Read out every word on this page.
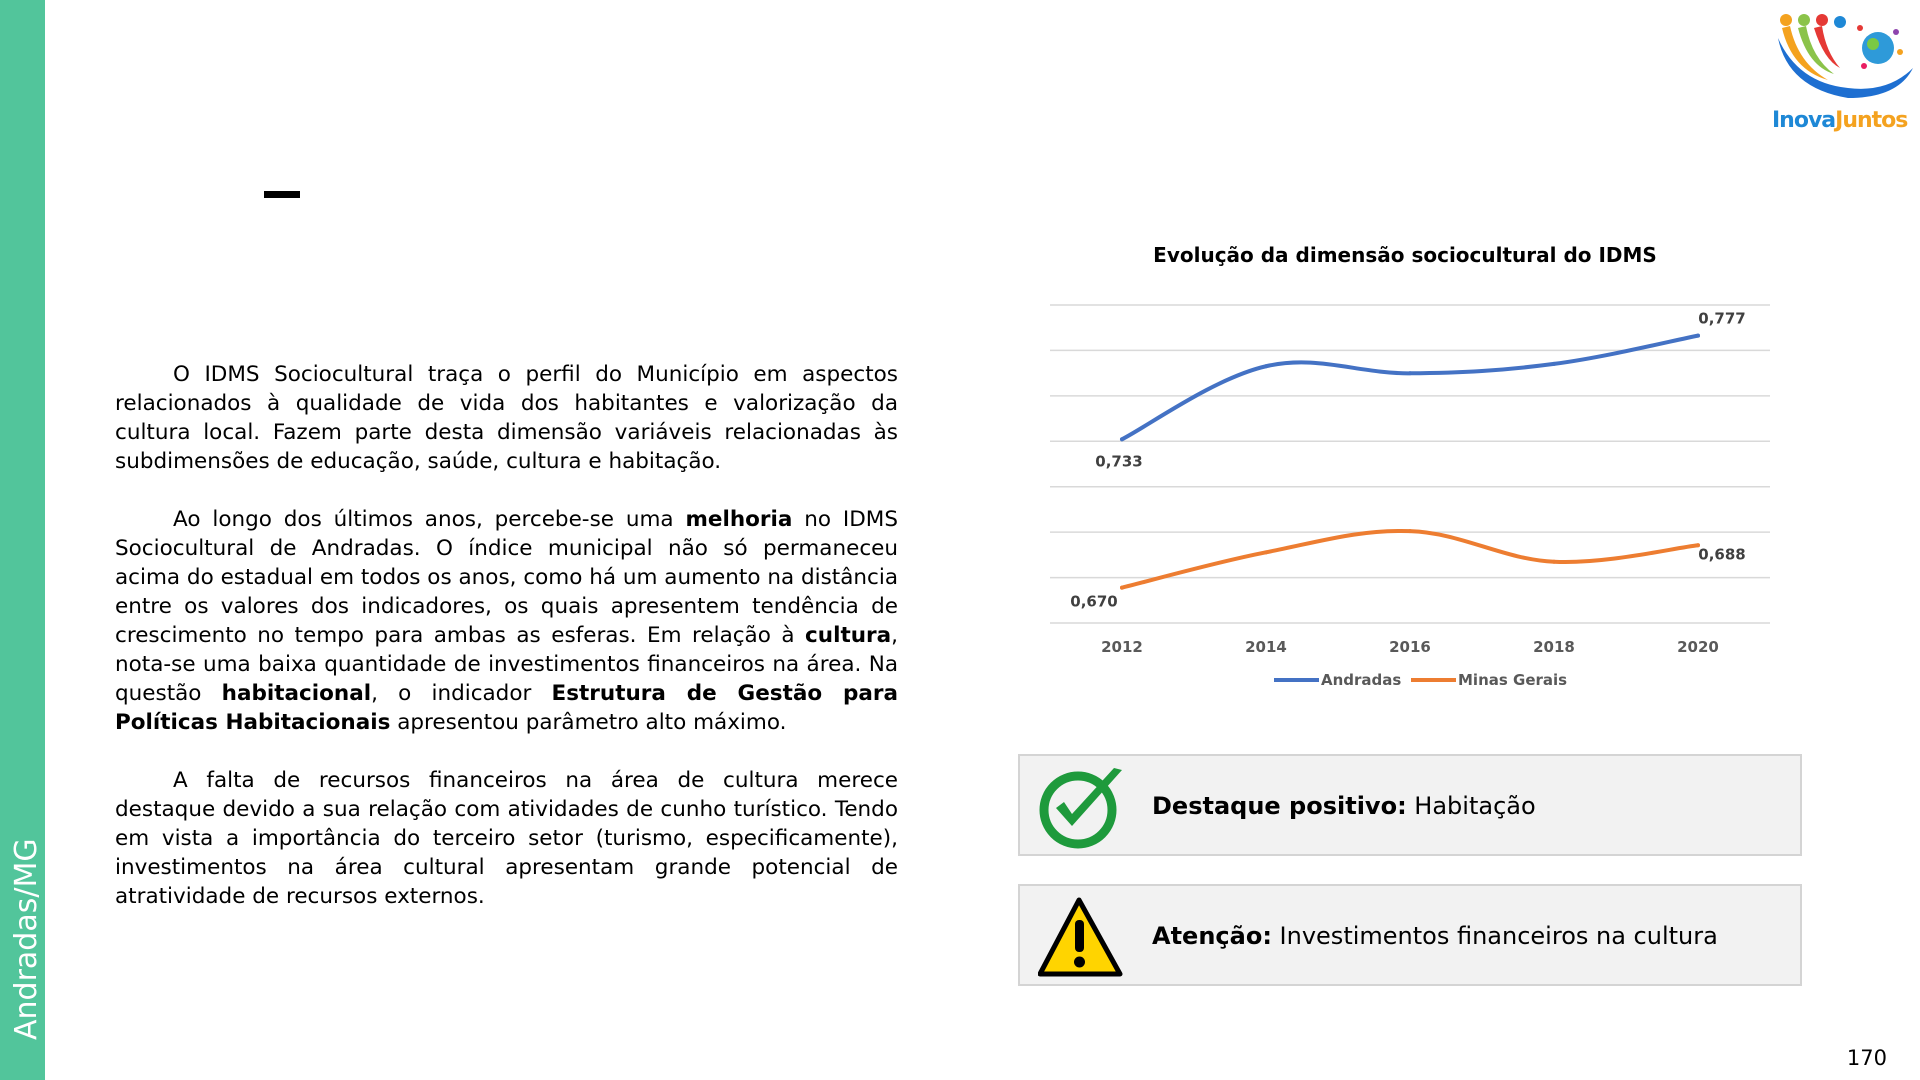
Andradas/MG
InovaJuntos

O IDMS Sociocultural traça o perfil do Município em aspectos relacionados à qualidade de vida dos habitantes e valorização da cultura local. Fazem parte desta dimensão variáveis relacionadas às subdimensões de educação, saúde, cultura e habitação.

Ao longo dos últimos anos, percebe-se uma melhoria no IDMS Sociocultural de Andradas. O índice municipal não só permaneceu acima do estadual em todos os anos, como há um aumento na distância entre os valores dos indicadores, os quais apresentem tendência de crescimento no tempo para ambas as esferas. Em relação à cultura, nota-se uma baixa quantidade de investimentos financeiros na área. Na questão habitacional, o indicador Estrutura de Gestão para Políticas Habitacionais apresentou parâmetro alto máximo.

A falta de recursos financeiros na área de cultura merece destaque devido a sua relação com atividades de cunho turístico. Tendo em vista a importância do terceiro setor (turismo, especificamente), investimentos na área cultural apresentam grande potencial de atratividade de recursos externos.

Evolução da dimensão sociocultural do IDMS
2012	2014	2016	2018	2020
0,733
0,777
0,670
0,688
Andradas	Minas Gerais
Destaque positivo: Habitação
Atenção: Investimentos financeiros na cultura
170
